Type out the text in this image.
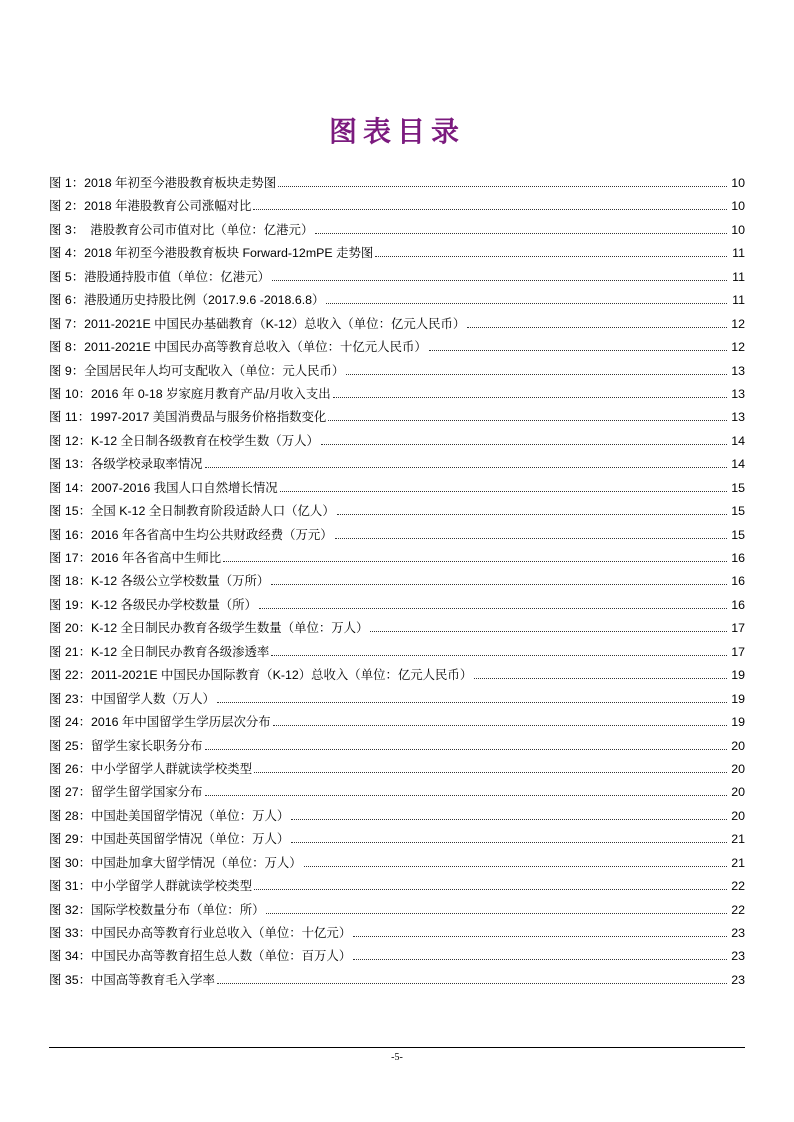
图表目录
图 1：2018 年初至今港股教育板块走势图	10
图 2：2018 年港股教育公司涨幅对比	10
图 3：　港股教育公司市值对比（单位：亿港元）	10
图 4：2018 年初至今港股教育板块 Forward-12mPE 走势图	11
图 5：港股通持股市值（单位：亿港元）	11
图 6：港股通历史持股比例（2017.9.6 -2018.6.8）	11
图 7：2011-2021E 中国民办基础教育（K-12）总收入（单位：亿元人民币）	12
图 8：2011-2021E 中国民办高等教育总收入（单位：十亿元人民币）	12
图 9：全国居民年人均可支配收入（单位：元人民币）	13
图 10：2016 年 0-18 岁家庭月教育产品/月收入支出	13
图 11：1997-2017 美国消费品与服务价格指数变化	13
图 12：K-12 全日制各级教育在校学生数（万人）	14
图 13：各级学校录取率情况	14
图 14：2007-2016 我国人口自然增长情况	15
图 15：全国 K-12 全日制教育阶段适龄人口（亿人）	15
图 16：2016 年各省高中生均公共财政经费（万元）	15
图 17：2016 年各省高中生师比	16
图 18：K-12 各级公立学校数量（万所）	16
图 19：K-12 各级民办学校数量（所）	16
图 20：K-12 全日制民办教育各级学生数量（单位：万人）	17
图 21：K-12 全日制民办教育各级渗透率	17
图 22：2011-2021E 中国民办国际教育（K-12）总收入（单位：亿元人民币）	19
图 23：中国留学人数（万人）	19
图 24：2016 年中国留学生学历层次分布	19
图 25：留学生家长职务分布	20
图 26：中小学留学人群就读学校类型	20
图 27：留学生留学国家分布	20
图 28：中国赴美国留学情况（单位：万人）	20
图 29：中国赴英国留学情况（单位：万人）	21
图 30：中国赴加拿大留学情况（单位：万人）	21
图 31：中小学留学人群就读学校类型	22
图 32：国际学校数量分布（单位：所）	22
图 33：中国民办高等教育行业总收入（单位：十亿元）	23
图 34：中国民办高等教育招生总人数（单位：百万人）	23
图 35：中国高等教育毛入学率	23
-5-
